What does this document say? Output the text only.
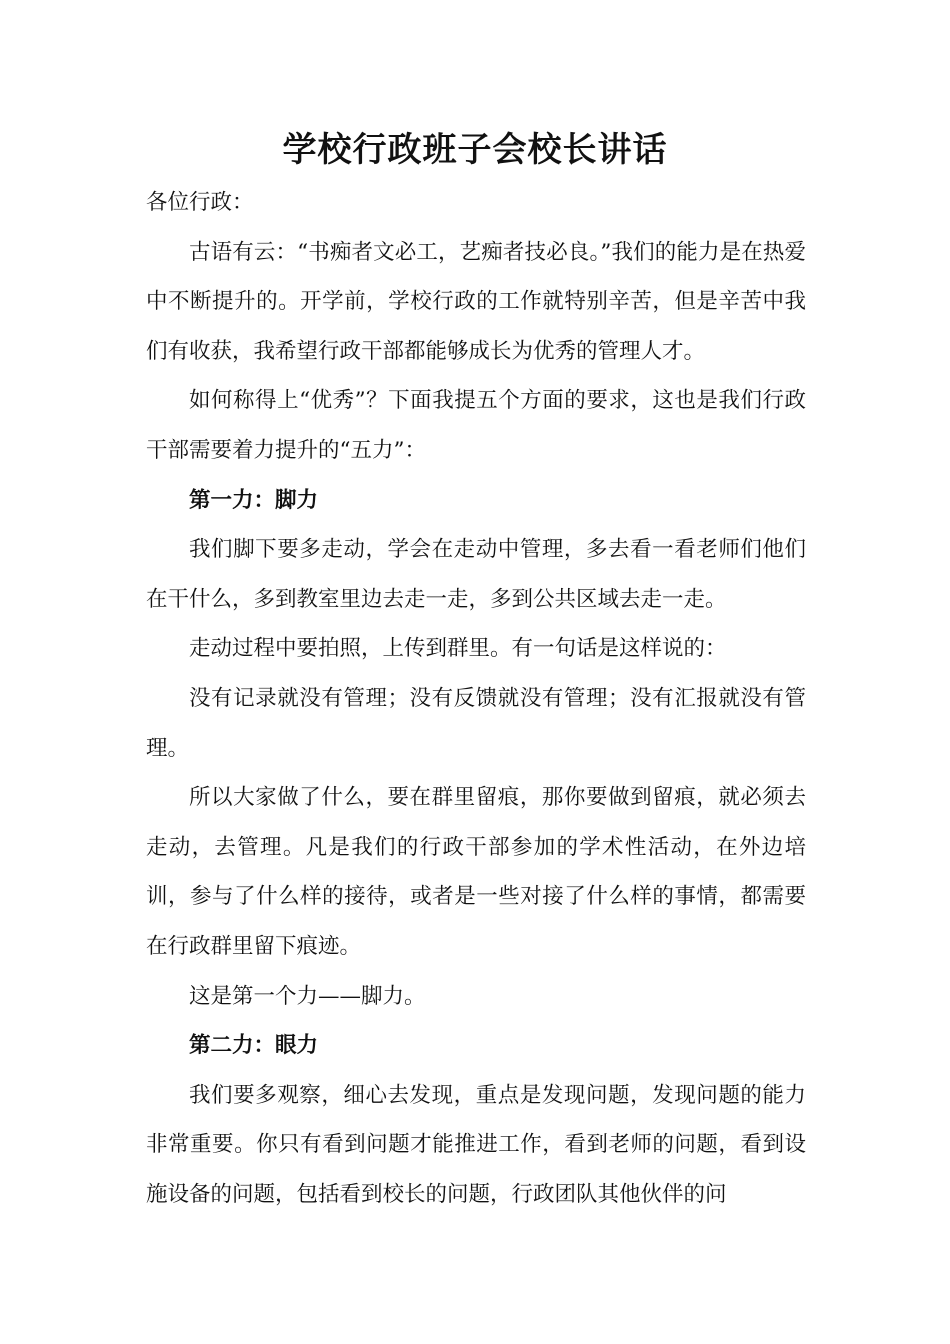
学校行政班子会校长讲话

各位行政：

古语有云：“书痴者文必工，艺痴者技必良。”我们的能力是在热爱中不断提升的。开学前，学校行政的工作就特别辛苦，但是辛苦中我们有收获，我希望行政干部都能够成长为优秀的管理人才。

如何称得上“优秀”？下面我提五个方面的要求，这也是我们行政干部需要着力提升的“五力”：

第一力：脚力

我们脚下要多走动，学会在走动中管理，多去看一看老师们他们在干什么，多到教室里边去走一走，多到公共区域去走一走。

走动过程中要拍照，上传到群里。有一句话是这样说的：

没有记录就没有管理；没有反馈就没有管理；没有汇报就没有管理。

所以大家做了什么，要在群里留痕，那你要做到留痕，就必须去走动，去管理。凡是我们的行政干部参加的学术性活动，在外边培训，参与了什么样的接待，或者是一些对接了什么样的事情，都需要在行政群里留下痕迹。

这是第一个力——脚力。

第二力：眼力

我们要多观察，细心去发现，重点是发现问题，发现问题的能力非常重要。你只有看到问题才能推进工作，看到老师的问题，看到设施设备的问题，包括看到校长的问题，行政团队其他伙伴的问
